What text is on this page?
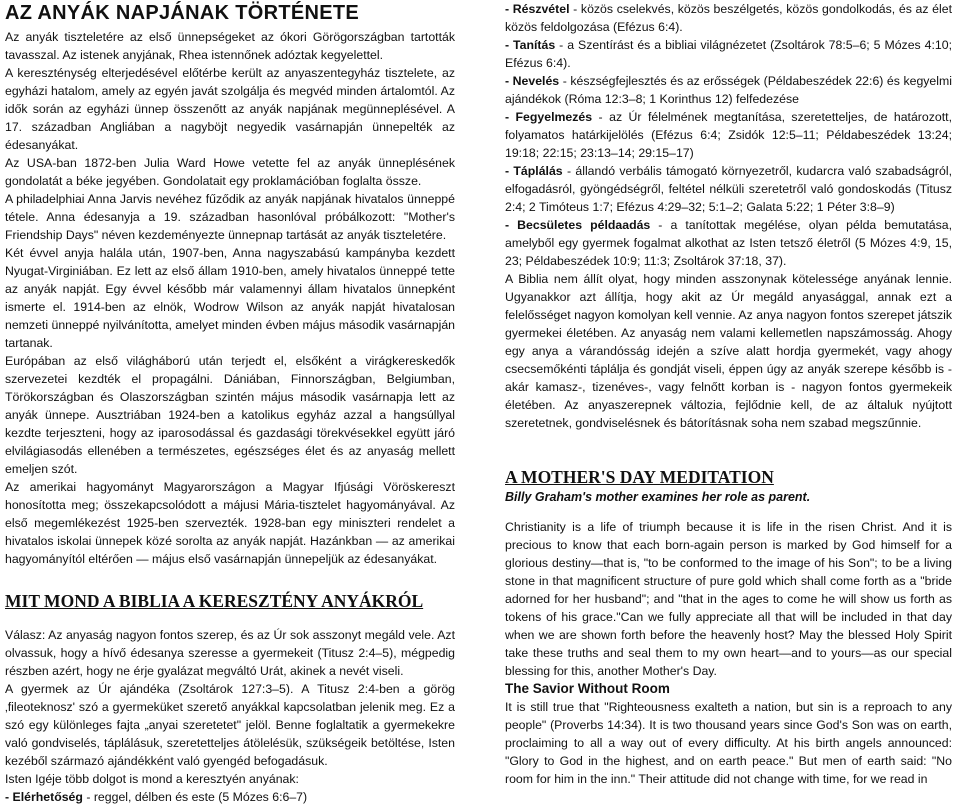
AZ ANYÁK NAPJÁNAK TÖRTÉNETE

Az anyák tiszteletére az első ünnepségeket az ókori Görögországban tartották tavasszal. Az istenek anyjának, Rhea istennőnek adóztak kegyelettel.

A kereszténység elterjedésével előtérbe került az anyaszentegyház tisztelete, az egyházi hatalom, amely az egyén javát szolgálja és megvéd minden ártalomtól. Az idők során az egyházi ünnep összenőtt az anyák napjának megünneplésével. A 17. században Angliában a nagyböjt negyedik vasárnapján ünnepelték az édesanyákat.

Az USA-ban 1872-ben Julia Ward Howe vetette fel az anyák ünneplésének gondolatát a béke jegyében. Gondolatait egy proklamációban foglalta össze.

A philadelphiai Anna Jarvis nevéhez fűződik az anyák napjának hivatalos ünneppé tétele. Anna édesanyja a 19. században hasonlóval próbálkozott: "Mother's Friendship Days" néven kezdeményezte ünnepnap tartását az anyák tiszteletére.

Két évvel anyja halála után, 1907-ben, Anna nagyszabású kampányba kezdett Nyugat-Virginiában. Ez lett az első állam 1910-ben, amely hivatalos ünneppé tette az anyák napját. Egy évvel később már valamennyi állam hivatalos ünnepként ismerte el. 1914-ben az elnök, Wodrow Wilson az anyák napját hivatalosan nemzeti ünneppé nyilvánította, amelyet minden évben május második vasárnapján tartanak.

Európában az első világháború után terjedt el, elsőként a virágkereskedők szervezetei kezdték el propagálni. Dániában, Finnországban, Belgiumban, Törökországban és Olaszországban szintén május második vasárnapja lett az anyák ünnepe. Ausztriában 1924-ben a katolikus egyház azzal a hangsúllyal kezdte terjeszteni, hogy az iparosodással és gazdasági törekvésekkel együtt járó elvilágiasodás ellenében a természetes, egészséges élet és az anyaság mellett emeljen szót.

Az amerikai hagyományt Magyarországon a Magyar Ifjúsági Vöröskereszt honosította meg; összekapcsolódott a májusi Mária-tisztelet hagyományával. Az első megemlékezést 1925-ben szervezték. 1928-ban egy miniszteri rendelet a hivatalos iskolai ünnepek közé sorolta az anyák napját. Hazánkban — az amerikai hagyományítól eltérően — május első vasárnapján ünnepeljük az édesanyákat.

MIT MOND A BIBLIA A KERESZTÉNY ANYÁKRÓL

Válasz: Az anyaság nagyon fontos szerep, és az Úr sok asszonyt megáld vele. Azt olvassuk, hogy a hívő édesanya szeresse a gyermekeit (Titusz 2:4–5), mégpedig részben azért, hogy ne érje gyalázat megváltó Urát, akinek a nevét viseli.

A gyermek az Úr ajándéka (Zsoltárok 127:3–5). A Titusz 2:4-ben a görög ‚fileoteknosz' szó a gyermeküket szerető anyákkal kapcsolatban jelenik meg. Ez a szó egy különleges fajta „anyai szeretetet" jelöl. Benne foglaltatik a gyermekekre való gondviselés, táplálásuk, szeretetteljes átölelésük, szükségeik betöltése, Isten kezéből származó ajándékként való gyengéd befogadásuk.

Isten Igéje több dolgot is mond a keresztyén anyának:

- Elérhetőség - reggel, délben és este (5 Mózes 6:6–7)

- Részvétel - közös cselekvés, közös beszélgetés, közös gondolkodás, és az élet közös feldolgozása (Efézus 6:4).

- Tanítás - a Szentírást és a bibliai világnézetet (Zsoltárok 78:5–6; 5 Mózes 4:10; Efézus 6:4).

- Nevelés - készségfejlesztés és az erősségek (Példabeszédek 22:6) és kegyelmi ajándékok (Róma 12:3–8; 1 Korinthus 12) felfedezése

- Fegyelmezés - az Úr félelmének megtanítása, szeretetteljes, de határozott, folyamatos határkijelölés (Efézus 6:4; Zsidók 12:5–11; Példabeszédek 13:24; 19:18; 22:15; 23:13–14; 29:15–17)

- Táplálás - állandó verbális támogató környezetről, kudarcra való szabadságról, elfogadásról, gyöngédségről, feltétel nélküli szeretetről való gondoskodás (Titusz 2:4; 2 Timóteus 1:7; Efézus 4:29–32; 5:1–2; Galata 5:22; 1 Péter 3:8–9)

- Becsületes példaadás - a tanítottak megélése, olyan példa bemutatása, amelyből egy gyermek fogalmat alkothat az Isten tetsző életről (5 Mózes 4:9, 15, 23; Példabeszédek 10:9; 11:3; Zsoltárok 37:18, 37).

A Biblia nem állít olyat, hogy minden asszonynak kötelessége anyának lennie. Ugyanakkor azt állítja, hogy akit az Úr megáld anyasággal, annak ezt a felelősséget nagyon komolyan kell vennie. Az anya nagyon fontos szerepet játszik gyermekei életében. Az anyaság nem valami kellemetlen napszámosság. Ahogy egy anya a várandósság idején a szíve alatt hordja gyermekét, vagy ahogy csecsemőkénti táplálja és gondját viseli, éppen úgy az anyák szerepe később is - akár kamasz-, tizenéves-, vagy felnőtt korban is - nagyon fontos gyermekeik életében. Az anyaszerepnek változia, fejlődnie kell, de az általuk nyújtott szeretetnek, gondviselésnek és bátorításnak soha nem szabad megszűnnie.

A MOTHER'S DAY MEDITATION
Billy Graham's mother examines her role as parent.

Christianity is a life of triumph because it is life in the risen Christ. And it is precious to know that each born-again person is marked by God himself for a glorious destiny—that is, "to be conformed to the image of his Son"; to be a living stone in that magnificent structure of pure gold which shall come forth as a "bride adorned for her husband"; and "that in the ages to come he will show us forth as tokens of his grace."Can we fully appreciate all that will be included in that day when we are shown forth before the heavenly host? May the blessed Holy Spirit take these truths and seal them to my own heart—and to yours—as our special blessing for this, another Mother's Day.

The Savior Without Room

It is still true that "Righteousness exalteth a nation, but sin is a reproach to any people" (Proverbs 14:34). It is two thousand years since God's Son was on earth, proclaiming to all a way out of every difficulty. At his birth angels announced: "Glory to God in the highest, and on earth peace." But men of earth said: "No room for him in the inn." Their attitude did not change with time, for we read in
